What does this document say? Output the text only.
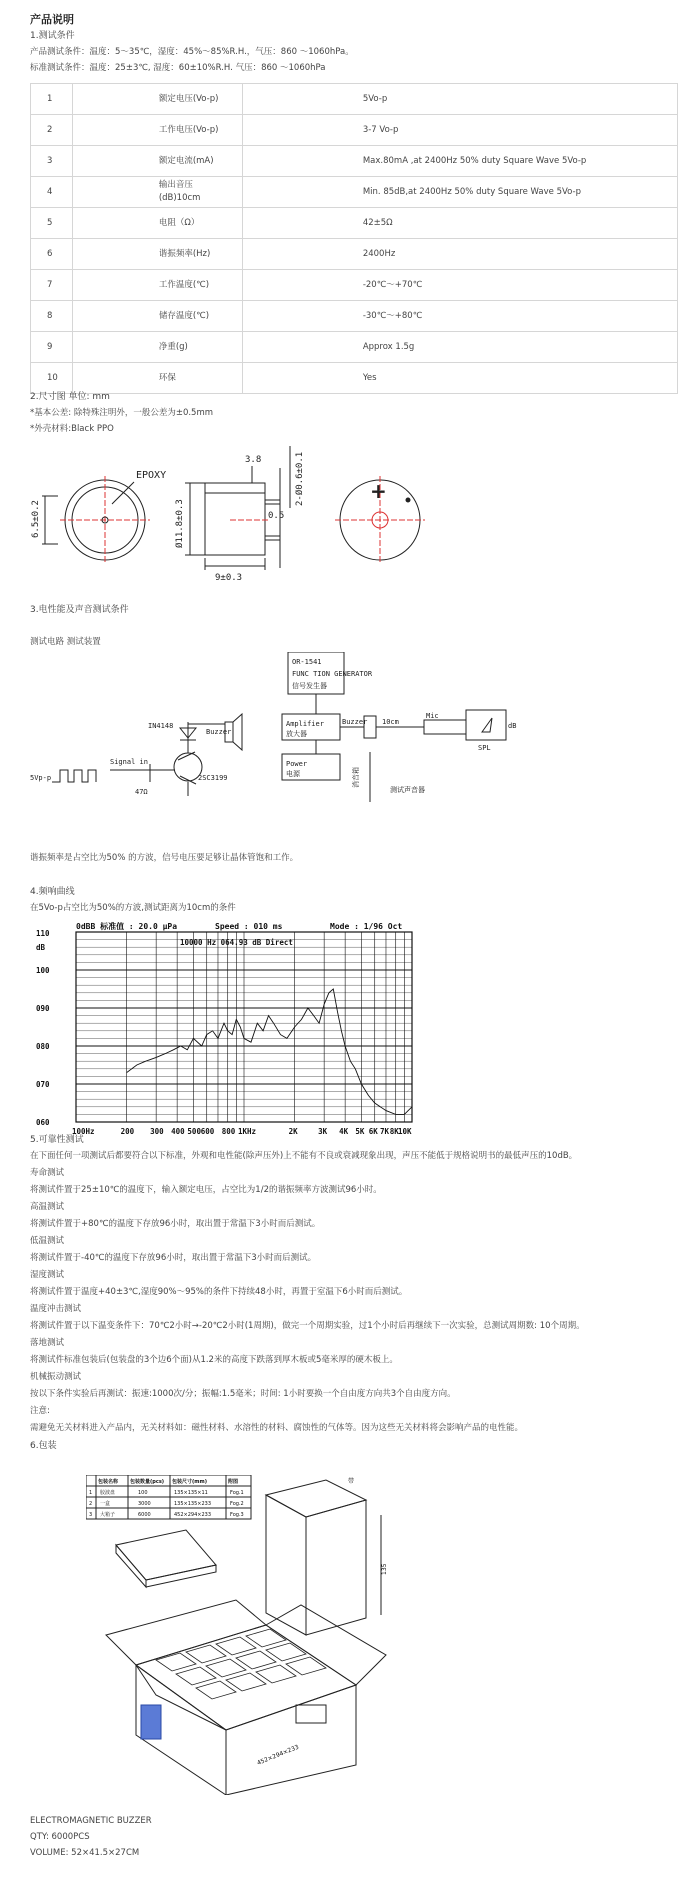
产品说明
1.测试条件
产品测试条件：温度：5～35℃，湿度：45%～85%R.H.，气压：860 ～1060hPa。
标准测试条件：温度：25±3℃, 湿度：60±10%R.H. 气压：860 ～1060hPa
1	额定电压(Vo-p)	5Vo-p
2	工作电压(Vo-p)	3-7 Vo-p
3	额定电流(mA)	Max.80mA ,at 2400Hz 50% duty Square Wave 5Vo-p
4	输出音压(dB)10cm	Min. 85dB,at 2400Hz 50% duty Square Wave 5Vo-p
5	电阻（Ω）	42±5Ω
6	谐振频率(Hz)	2400Hz
7	工作温度(℃)	-20℃～+70℃
8	储存温度(℃)	-30℃～+80℃
9	净重(g)	Approx 1.5g
10	环保	Yes
2.尺寸图 单位: mm
*基本公差: 除特殊注明外，一般公差为±0.5mm
*外壳材料:Black PPO
EPOXY
6.5±0.2	Ø11.8±0.3
9±0.3
3.8	2-Ø0.6±0.1
0.5
+
3.电性能及声音测试条件
测试电路 测试装置
OR-1541
FUNC TION GENERATOR
信号发生器
Amplifier
放大器
Buzzer
Power
电源
IN4148
Buzzer
Signal in
5Vp-p
47Ω
2SC3199
10cm
Mic
SPL
dB
消音箱
测试声音器
谐振频率是占空比为50% 的方波，信号电压要足够让晶体管饱和工作。
4.频响曲线
在5Vo-p占空比为50%的方波,测试距离为10cm的条件
110
dB
100
090
080
070
060
100Hz	200 300 400 500 600 800 1KHz	2K	3K 4K 5K 6K 7K 8K 10K
0dBB 标准值 : 20.0 μPa	Speed : 010 ms	Mode : 1/96 Oct
10000 Hz 064.93 dB Direct
5.可靠性测试
在下面任何一项测试后都要符合以下标准，外观和电性能(除声压外)上不能有不良或衰减现象出现，声压不能低于规格说明书的最低声压的10dB。
寿命测试
将测试件置于25±10℃的温度下，输入额定电压，占空比为1/2的谐振频率方波测试96小时。
高温测试
将测试件置于+80℃的温度下存放96小时，取出置于常温下3小时而后测试。
低温测试
将测试件置于-40℃的温度下存放96小时，取出置于常温下3小时而后测试。
湿度测试
将测试件置于温度+40±3℃,湿度90%～95%的条件下持续48小时，再置于室温下6小时而后测试。
温度冲击测试
将测试件置于以下温变条件下：70℃2小时→-20℃2小时(1周期)，做完一个周期实验，过1个小时后再继续下一次实验，总测试周期数: 10个周期。
落地测试
将测试件标准包装后(包装盘的3个边6个面)从1.2米的高度下跌落到厚木板或5毫米厚的硬木板上。
机械振动测试
按以下条件实验后再测试：振速:1000次/分；振幅:1.5毫米；时间: 1小时要换一个自由度方向共3个自由度方向。
注意:
需避免无关材料进入产品内，无关材料如：磁性材料、水溶性的材料、腐蚀性的气体等。因为这些无关材料将会影响产品的电性能。
6.包装
包装名称 包装数量(pcs) 包装尺寸(mm)	附图
1 胶波盘	100	135×135×11	Fog.1
2 一盒	3000	135×135×233	Fog.2
3 大箱子	6000	452×294×233	Fog.3
带
135
452×294×233
ELECTROMAGNETIC BUZZER
QTY: 6000PCS
VOLUME: 52×41.5×27CM
